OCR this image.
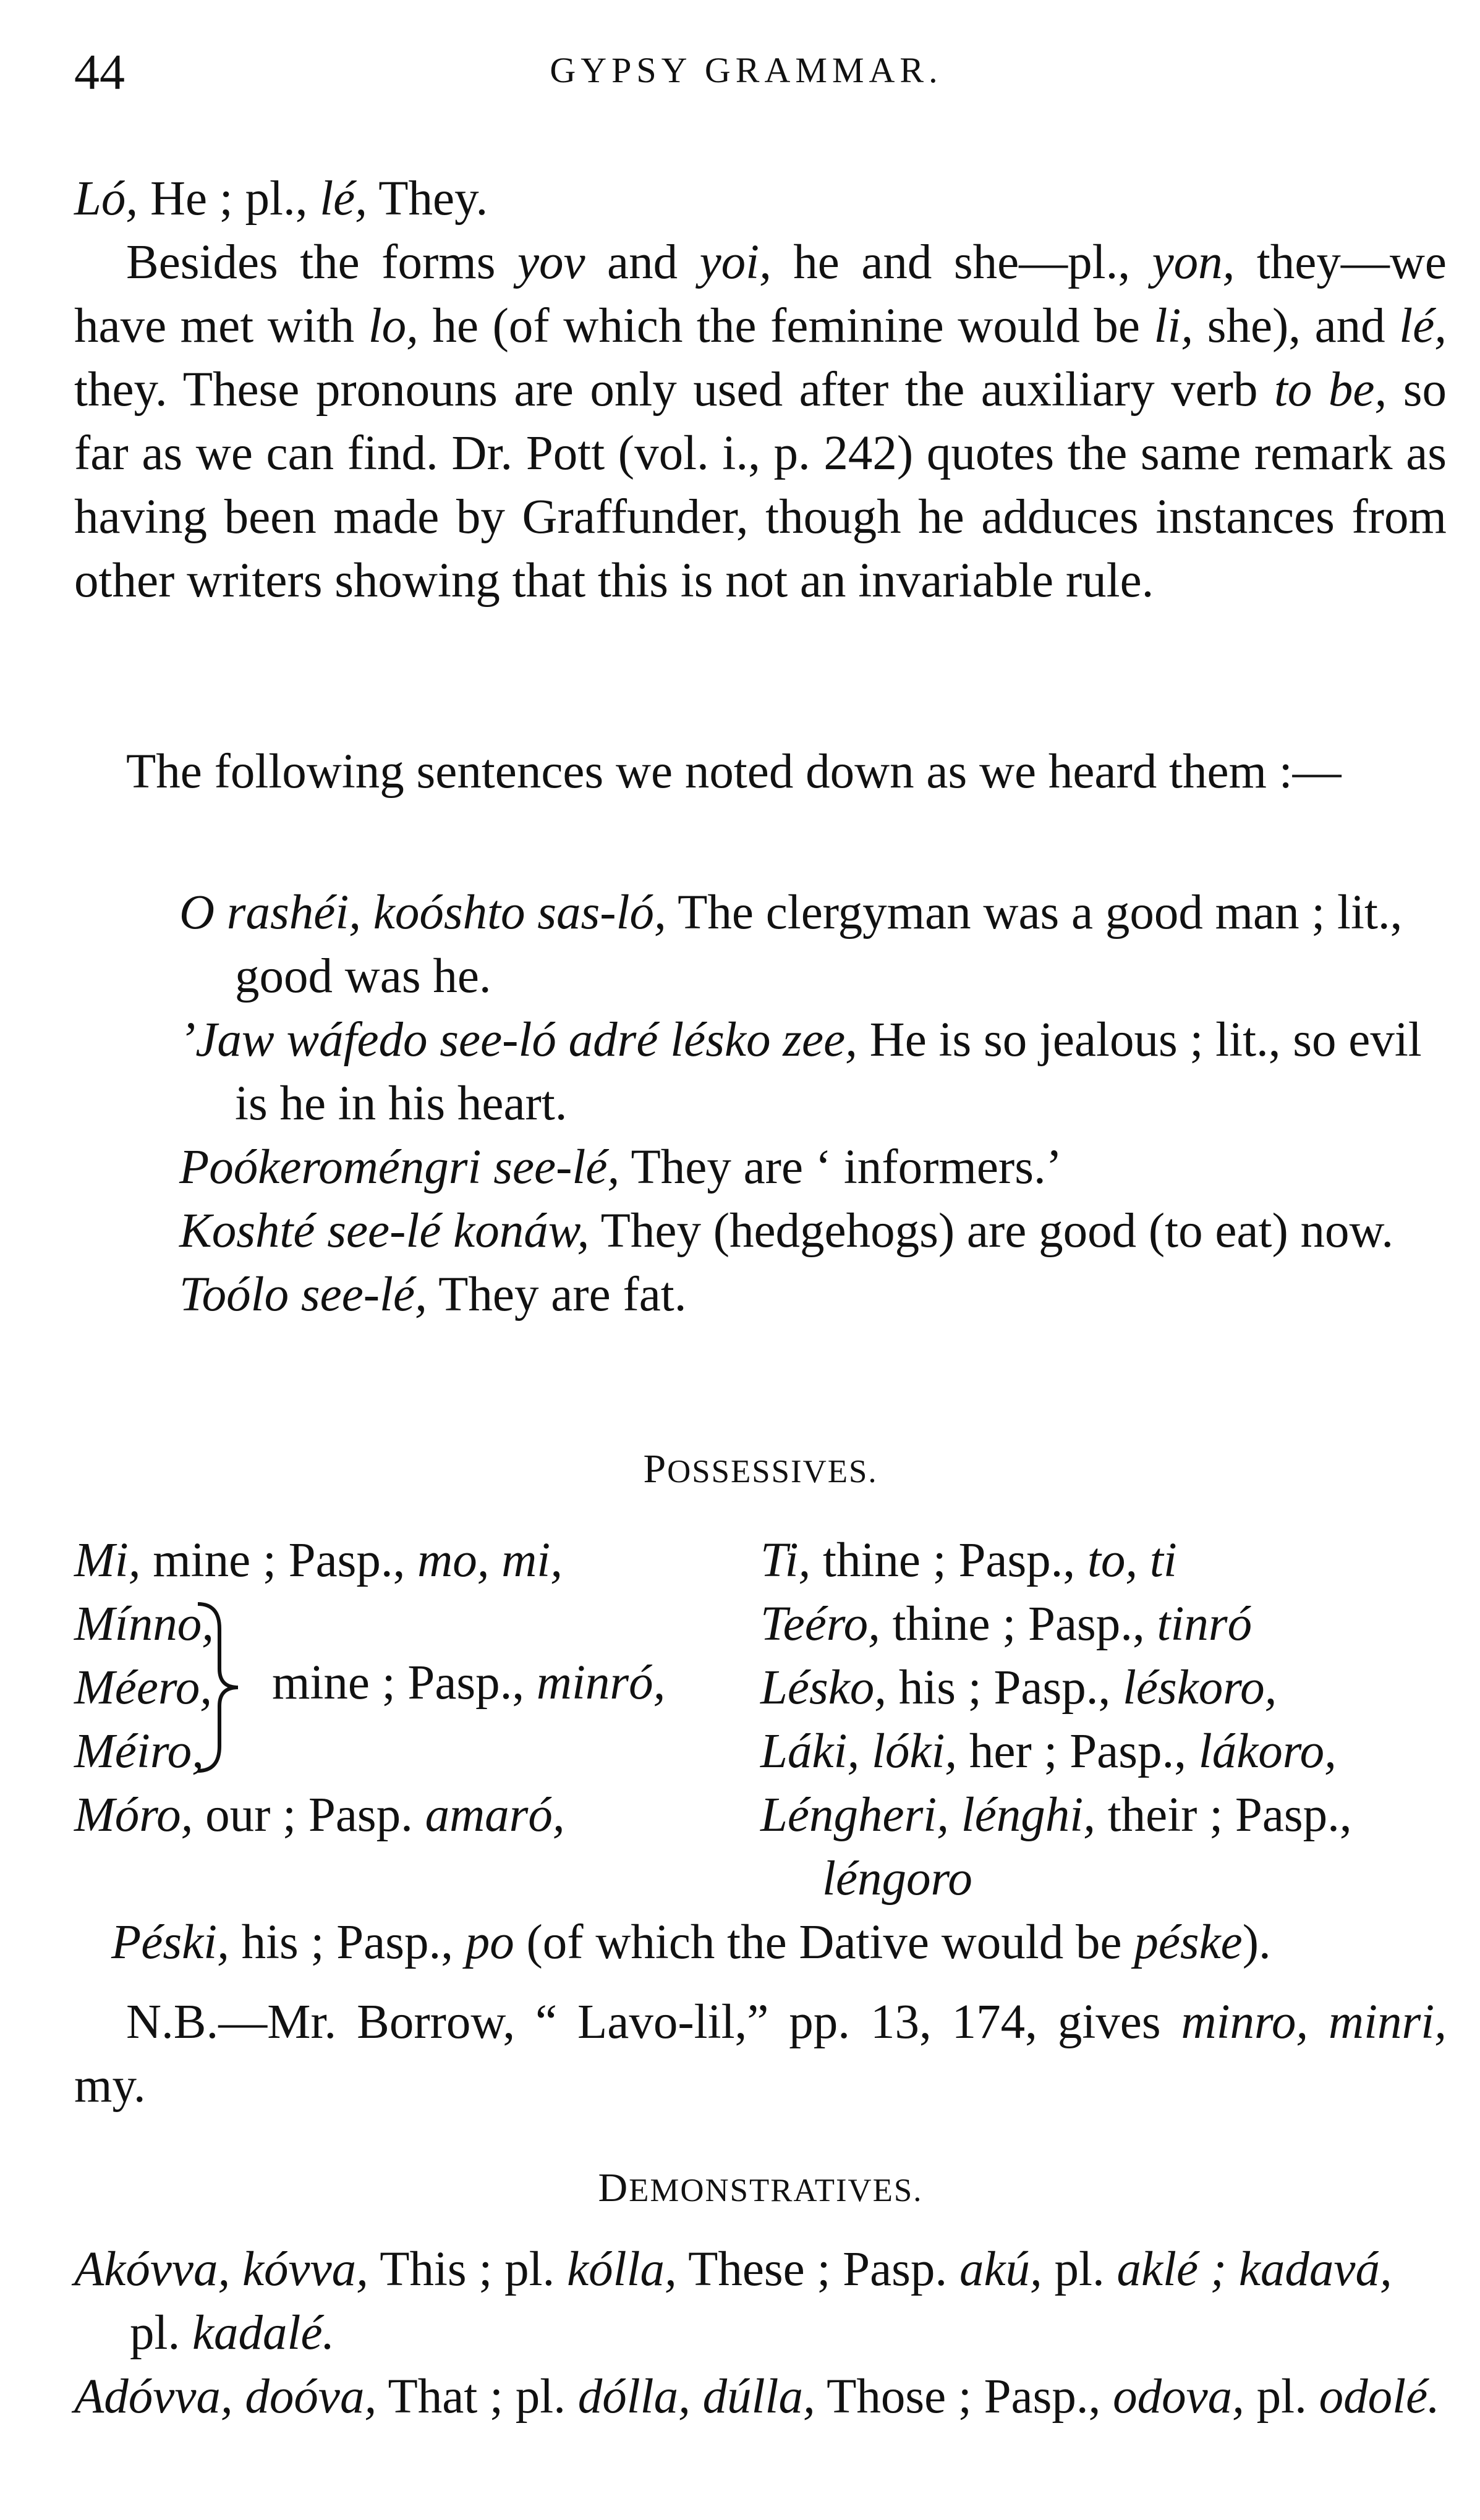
44	GYPSY GRAMMAR.

Ló, He ; pl., lé, They.

Besides the forms yov and yoi, he and she—pl., yon, they—we have met with lo, he (of which the feminine would be li, she), and lé, they. These pronouns are only used after the auxiliary verb to be, so far as we can find. Dr. Pott (vol. i., p. 242) quotes the same remark as having been made by Graffunder, though he adduces instances from other writers showing that this is not an invariable rule.

The following sentences we noted down as we heard them :—

O rashéi, koóshto sas-ló, The clergyman was a good man ; lit., good was he.

’Jaw wáfedo see-ló adré lésko zee, He is so jealous ; lit., so evil is he in his heart.

Poókeroméngri see-lé, They are ‘ informers.’

Koshté see-lé konáw, They (hedgehogs) are good (to eat) now.

Toólo see-lé, They are fat.

POSSESSIVES.

Mi, mine ; Pasp., mo, mi,
Mínno,
Méero,
Méiro,
Móro, our ; Pasp. amaró,
mine ; Pasp., minró,
Ti, thine ; Pasp., to, ti
Teéro, thine ; Pasp., tinró
Lésko, his ; Pasp., léskoro,
Láki, lóki, her ; Pasp., lákoro,
Léngheri, lénghi, their ; Pasp.,
léngoro
Péski, his ; Pasp., po (of which the Dative would be péske).

N.B.—Mr. Borrow, “ Lavo-lil,” pp. 13, 174, gives minro, minri, my.

DEMONSTRATIVES.

Akóvva, kóvva, This ; pl. kólla, These ; Pasp. akú, pl. aklé ; kadavá, pl. kadalé.

Adóvva, doóva, That ; pl. dólla, dúlla, Those ; Pasp., odova, pl. odolé.
